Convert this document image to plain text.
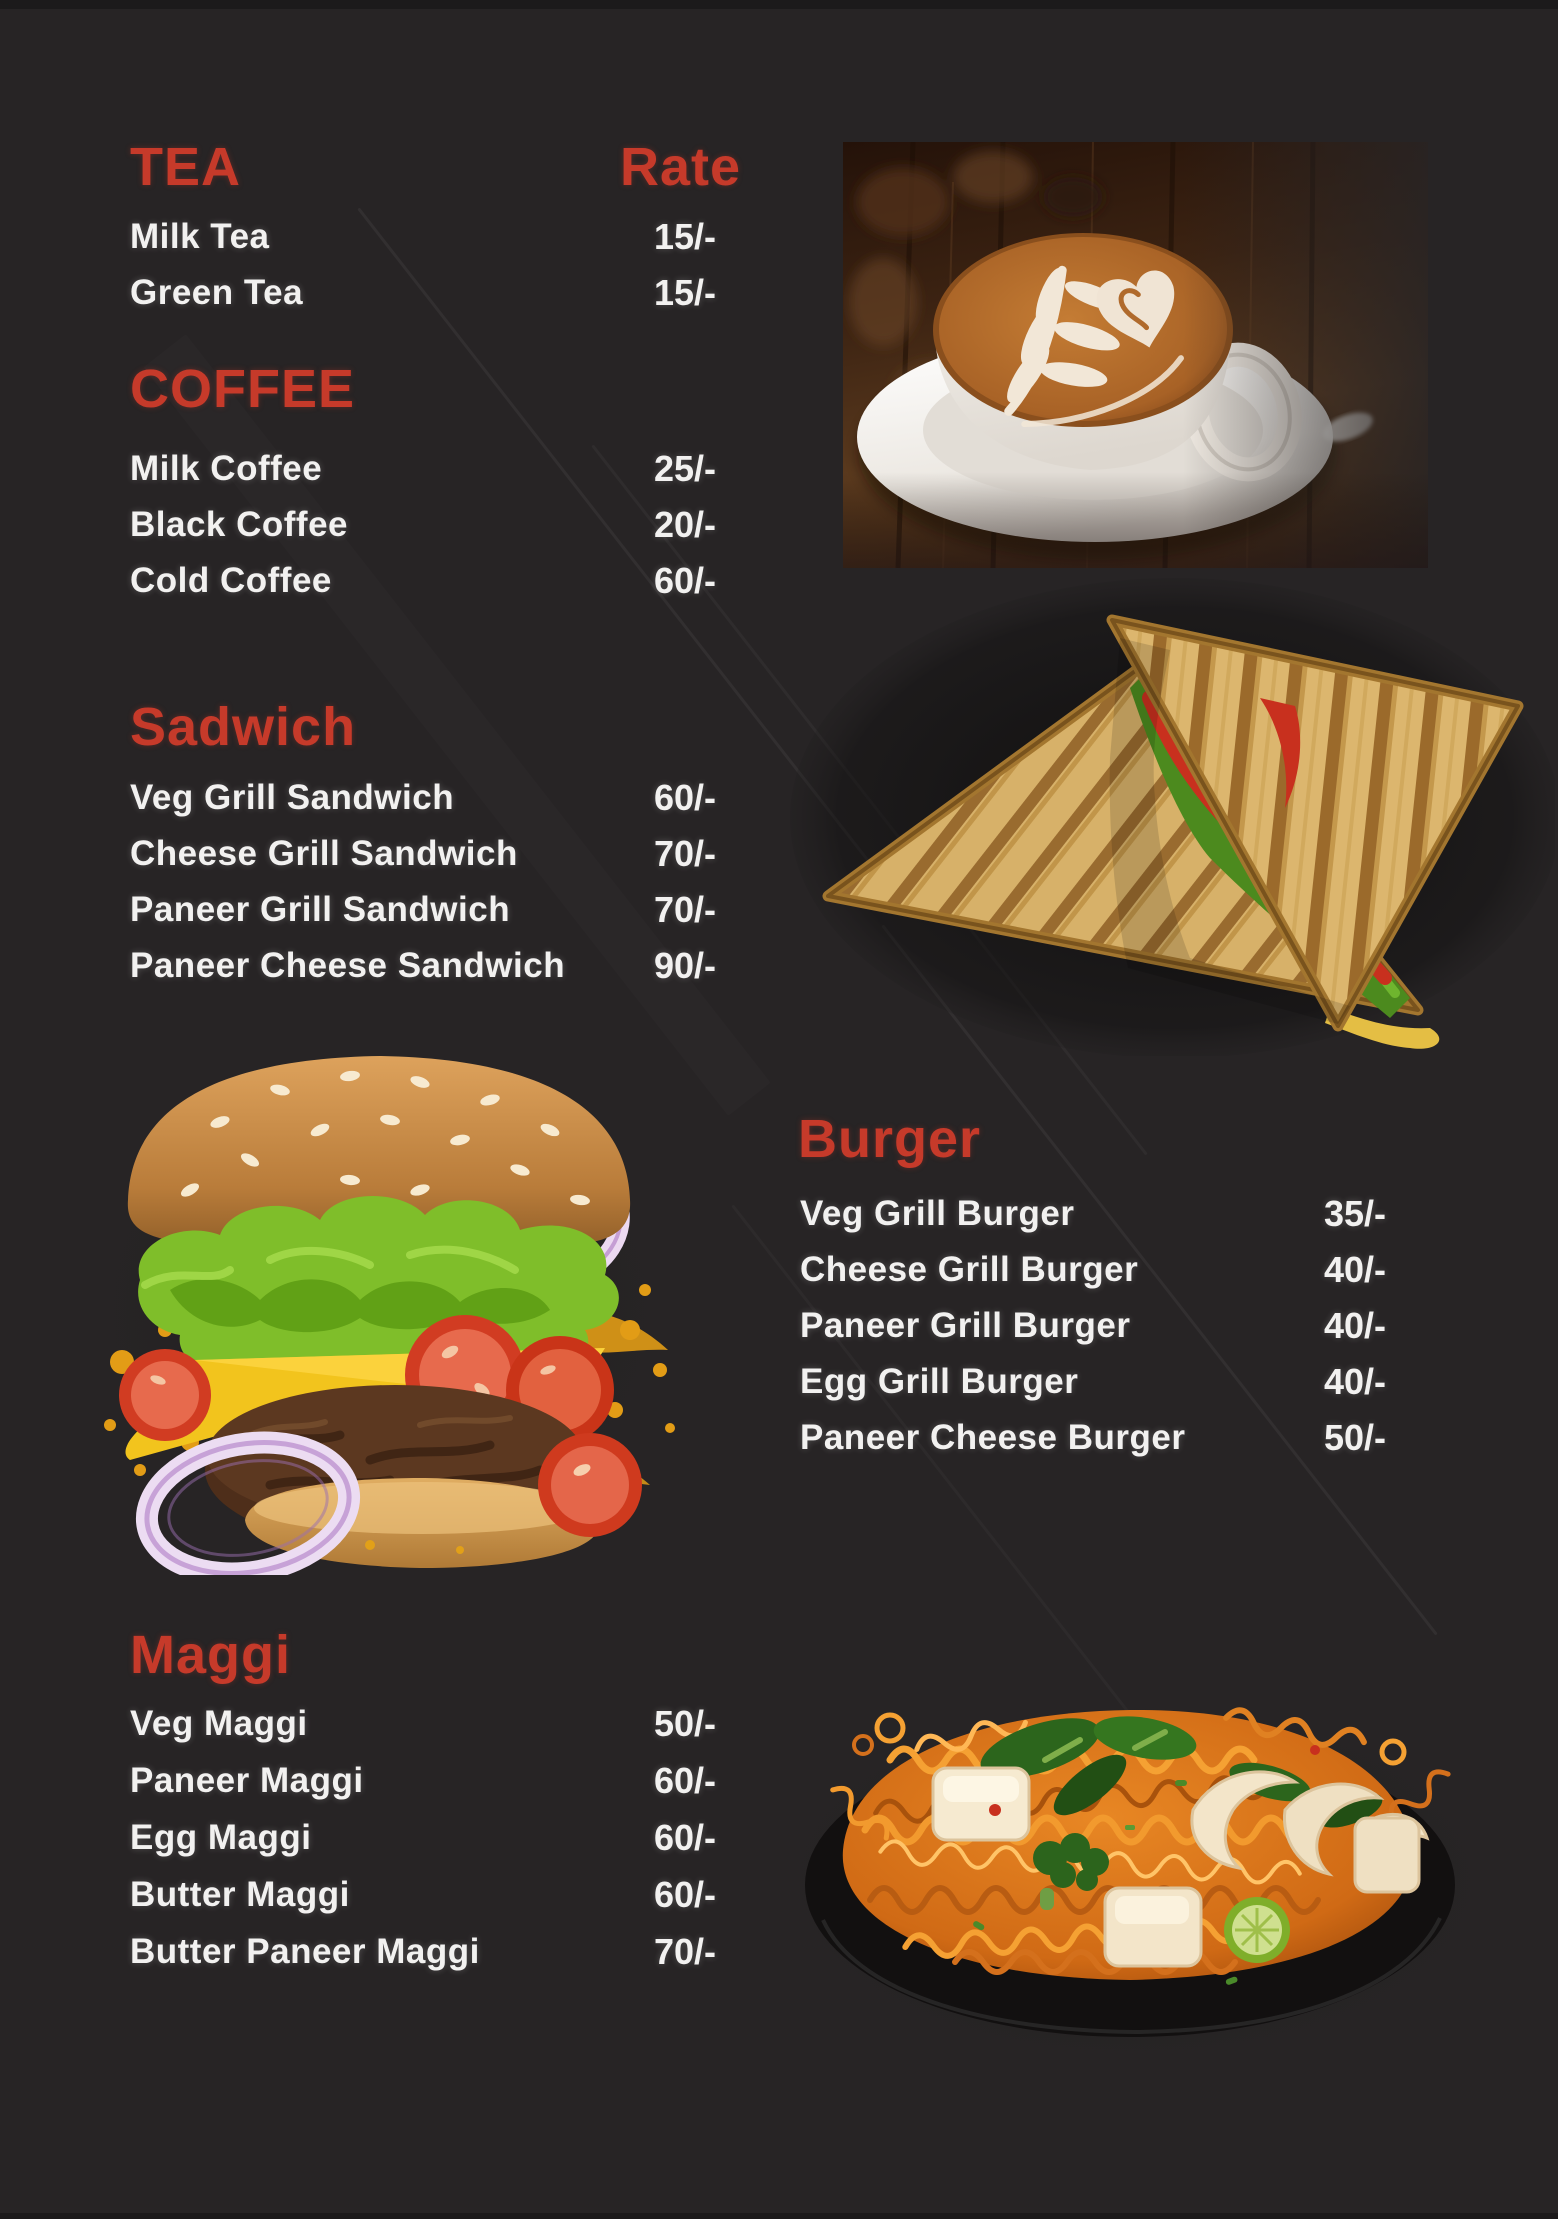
TEA	Rate
Milk Tea	15/-
Green Tea	15/-
COFFEE
Milk Coffee	25/-
Black Coffee	20/-
Cold Coffee	60/-
Sadwich
Veg Grill Sandwich	60/-
Cheese Grill Sandwich	70/-
Paneer Grill Sandwich	70/-
Paneer Cheese Sandwich	90/-
Burger
Veg Grill Burger	35/-
Cheese Grill Burger	40/-
Paneer Grill Burger	40/-
Egg Grill Burger	40/-
Paneer Cheese Burger	50/-
Maggi
Veg Maggi	50/-
Paneer Maggi	60/-
Egg Maggi	60/-
Butter Maggi	60/-
Butter Paneer Maggi	70/-
